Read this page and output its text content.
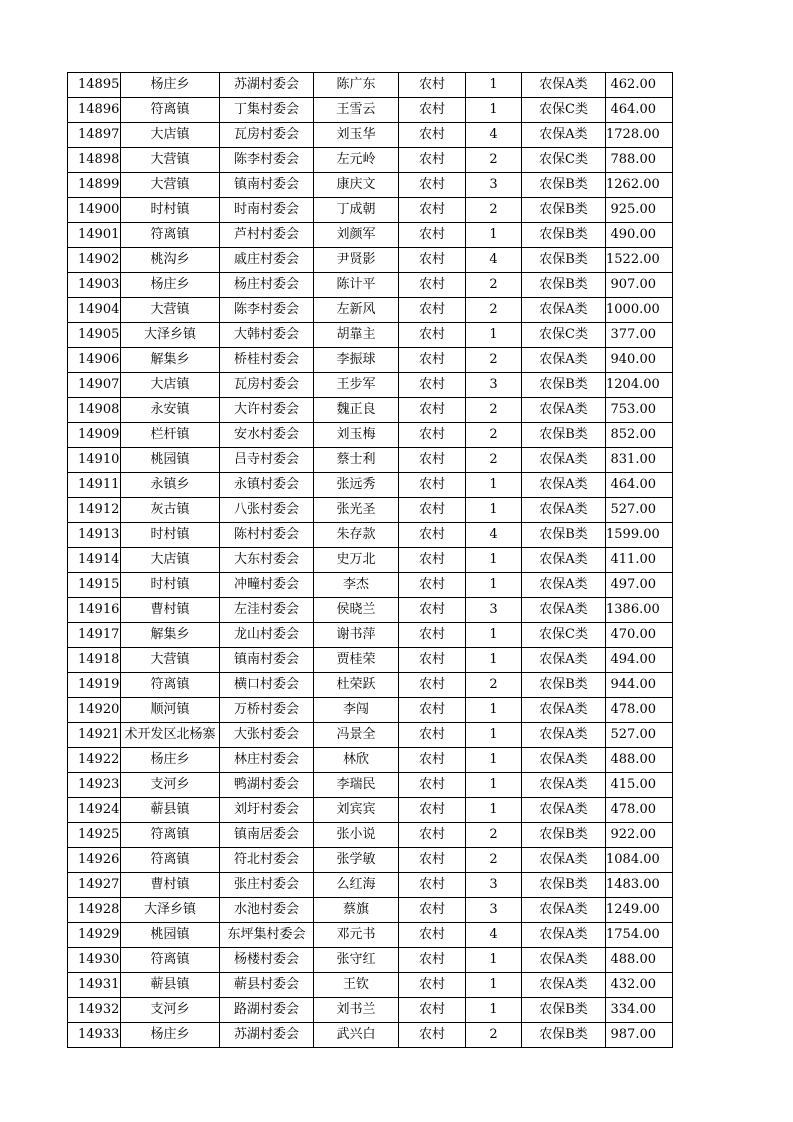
14895	杨庄乡	苏湖村委会	陈广东	农村	1	农保A类	462.00
14896	符离镇	丁集村委会	王雪云	农村	1	农保C类	464.00
14897	大店镇	瓦房村委会	刘玉华	农村	4	农保A类	1728.00
14898	大营镇	陈李村委会	左元岭	农村	2	农保C类	788.00
14899	大营镇	镇南村委会	康庆文	农村	3	农保B类	1262.00
14900	时村镇	时南村委会	丁成朝	农村	2	农保B类	925.00
14901	符离镇	芦村村委会	刘颜军	农村	1	农保B类	490.00
14902	桃沟乡	戚庄村委会	尹贤影	农村	4	农保B类	1522.00
14903	杨庄乡	杨庄村委会	陈计平	农村	2	农保B类	907.00
14904	大营镇	陈李村委会	左新风	农村	2	农保A类	1000.00
14905	大泽乡镇	大韩村委会	胡靠主	农村	1	农保C类	377.00
14906	解集乡	桥桂村委会	李振球	农村	2	农保A类	940.00
14907	大店镇	瓦房村委会	王步军	农村	3	农保B类	1204.00
14908	永安镇	大许村委会	魏正良	农村	2	农保A类	753.00
14909	栏杆镇	安水村委会	刘玉梅	农村	2	农保B类	852.00
14910	桃园镇	吕寺村委会	蔡士利	农村	2	农保A类	831.00
14911	永镇乡	永镇村委会	张远秀	农村	1	农保A类	464.00
14912	灰古镇	八张村委会	张光圣	农村	1	农保A类	527.00
14913	时村镇	陈村村委会	朱存款	农村	4	农保B类	1599.00
14914	大店镇	大东村委会	史万北	农村	1	农保A类	411.00
14915	时村镇	冲疃村委会	李杰	农村	1	农保A类	497.00
14916	曹村镇	左洼村委会	侯晓兰	农村	3	农保A类	1386.00
14917	解集乡	龙山村委会	谢书萍	农村	1	农保C类	470.00
14918	大营镇	镇南村委会	贾桂荣	农村	1	农保A类	494.00
14919	符离镇	横口村委会	杜荣跃	农村	2	农保B类	944.00
14920	顺河镇	万桥村委会	李闯	农村	1	农保A类	478.00
14921	术开发区北杨寨	大张村委会	冯景全	农村	1	农保A类	527.00
14922	杨庄乡	林庄村委会	林欣	农村	1	农保A类	488.00
14923	支河乡	鸭湖村委会	李瑞民	农村	1	农保A类	415.00
14924	蕲县镇	刘圩村委会	刘宾宾	农村	1	农保A类	478.00
14925	符离镇	镇南居委会	张小说	农村	2	农保B类	922.00
14926	符离镇	符北村委会	张学敏	农村	2	农保A类	1084.00
14927	曹村镇	张庄村委会	么红海	农村	3	农保B类	1483.00
14928	大泽乡镇	水池村委会	蔡旗	农村	3	农保A类	1249.00
14929	桃园镇	东坪集村委会	邓元书	农村	4	农保A类	1754.00
14930	符离镇	杨楼村委会	张守红	农村	1	农保A类	488.00
14931	蕲县镇	蕲县村委会	王钦	农村	1	农保A类	432.00
14932	支河乡	路湖村委会	刘书兰	农村	1	农保B类	334.00
14933	杨庄乡	苏湖村委会	武兴白	农村	2	农保B类	987.00
